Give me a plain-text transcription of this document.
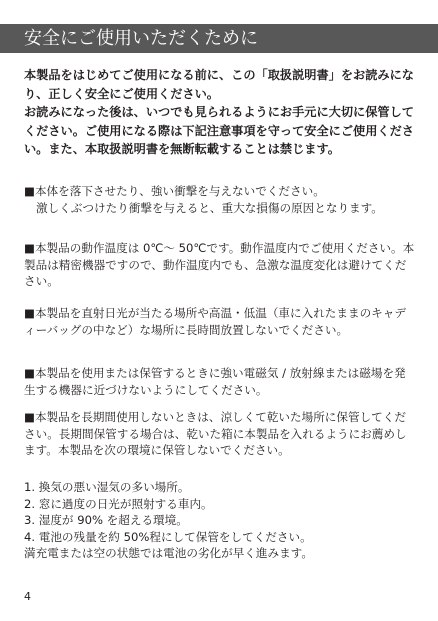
安全にご使用いただくために

本製品をはじめてご使用になる前に、この「取扱説明書」をお読みになり、正しく安全にご使用ください。

お読みになった後は、いつでも見られるようにお手元に大切に保管してください。ご使用になる際は下記注意事項を守って安全にご使用ください。また、本取扱説明書を無断転載することは禁じます。

■本体を落下させたり、強い衝撃を与えないでください。
激しくぶつけたり衝撃を与えると、重大な損傷の原因となります。
■本製品の動作温度は 0℃〜 50℃です。動作温度内でご使用ください。本製品は精密機器ですので、動作温度内でも、急激な温度変化は避けてください。
■本製品を直射日光が当たる場所や高温・低温（車に入れたままのキャディーバッグの中など）な場所に長時間放置しないでください。
■本製品を使用または保管するときに強い電磁気 / 放射線または磁場を発生する機器に近づけないようにしてください。
■本製品を長期間使用しないときは、涼しくて乾いた場所に保管してください。長期間保管する場合は、乾いた箱に本製品を入れるようにお薦めします。本製品を次の環境に保管しないでください。
1. 換気の悪い湿気の多い場所。
2. 窓に過度の日光が照射する車内。
3. 湿度が 90% を超える環境。
4. 電池の残量を約 50%程にして保管をしてください。
満充電または空の状態では電池の劣化が早く進みます。
4
